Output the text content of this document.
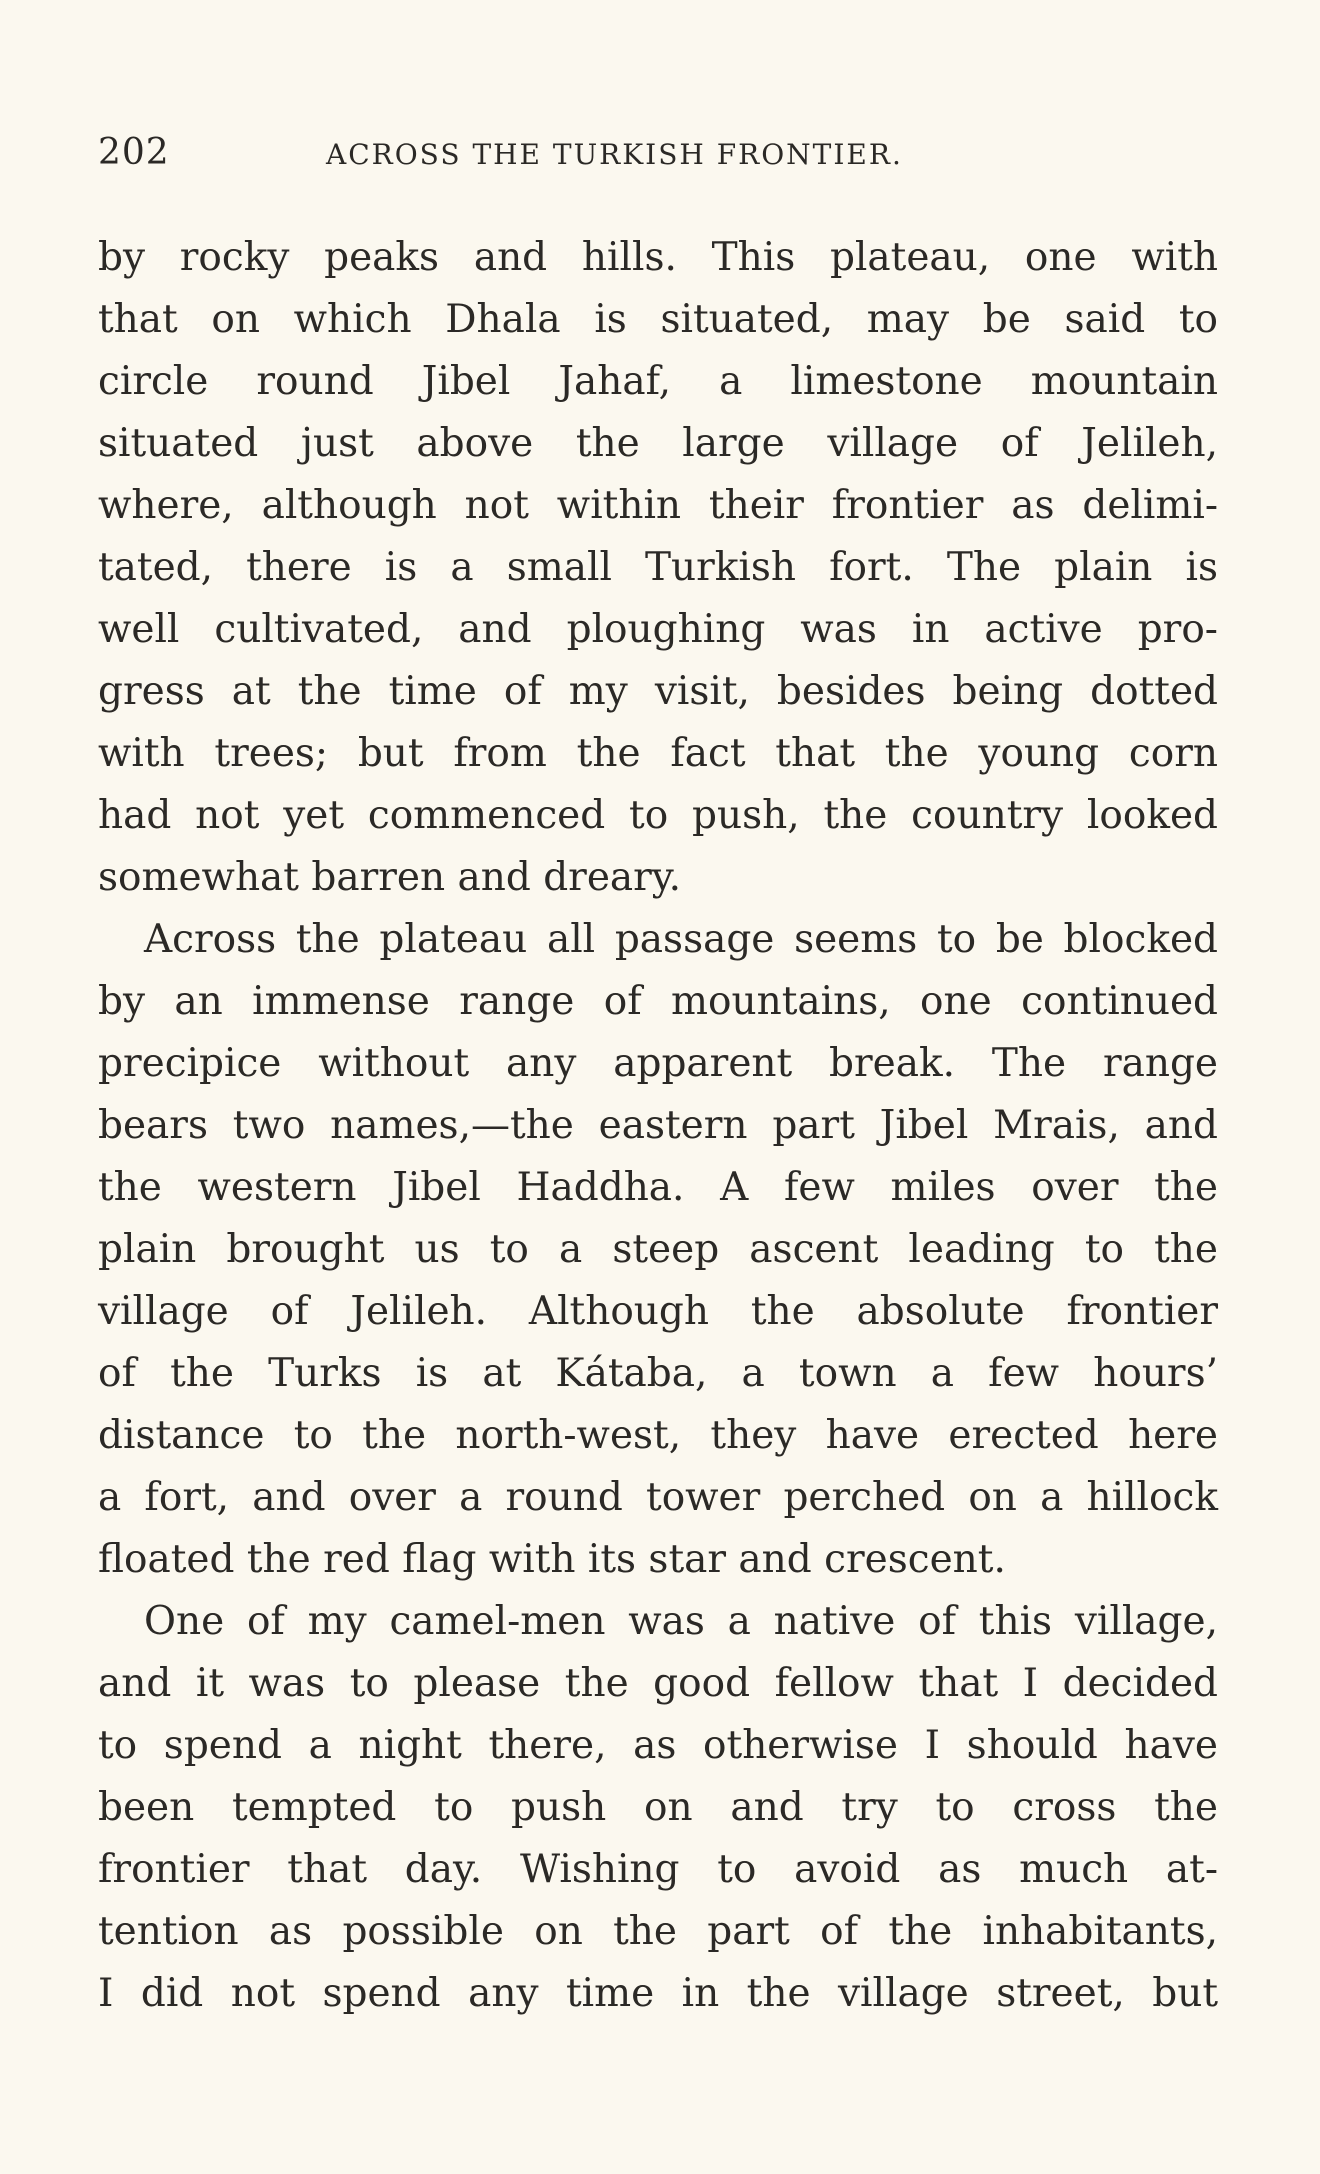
202	ACROSS THE TURKISH FRONTIER.
by rocky peaks and hills. This plateau, one with
that on which Dhala is situated, may be said to
circle round Jibel Jahaf, a limestone mountain
situated just above the large village of Jelileh,
where, although not within their frontier as delimi-
tated, there is a small Turkish fort. The plain is
well cultivated, and ploughing was in active pro-
gress at the time of my visit, besides being dotted
with trees; but from the fact that the young corn
had not yet commenced to push, the country looked
somewhat barren and dreary.
Across the plateau all passage seems to be blocked
by an immense range of mountains, one continued
precipice without any apparent break. The range
bears two names,—the eastern part Jibel Mrais, and
the western Jibel Haddha. A few miles over the
plain brought us to a steep ascent leading to the
village of Jelileh. Although the absolute frontier
of the Turks is at Kátaba, a town a few hours’
distance to the north-west, they have erected here
a fort, and over a round tower perched on a hillock
floated the red flag with its star and crescent.
One of my camel-men was a native of this village,
and it was to please the good fellow that I decided
to spend a night there, as otherwise I should have
been tempted to push on and try to cross the
frontier that day. Wishing to avoid as much at-
tention as possible on the part of the inhabitants,
I did not spend any time in the village street, but
